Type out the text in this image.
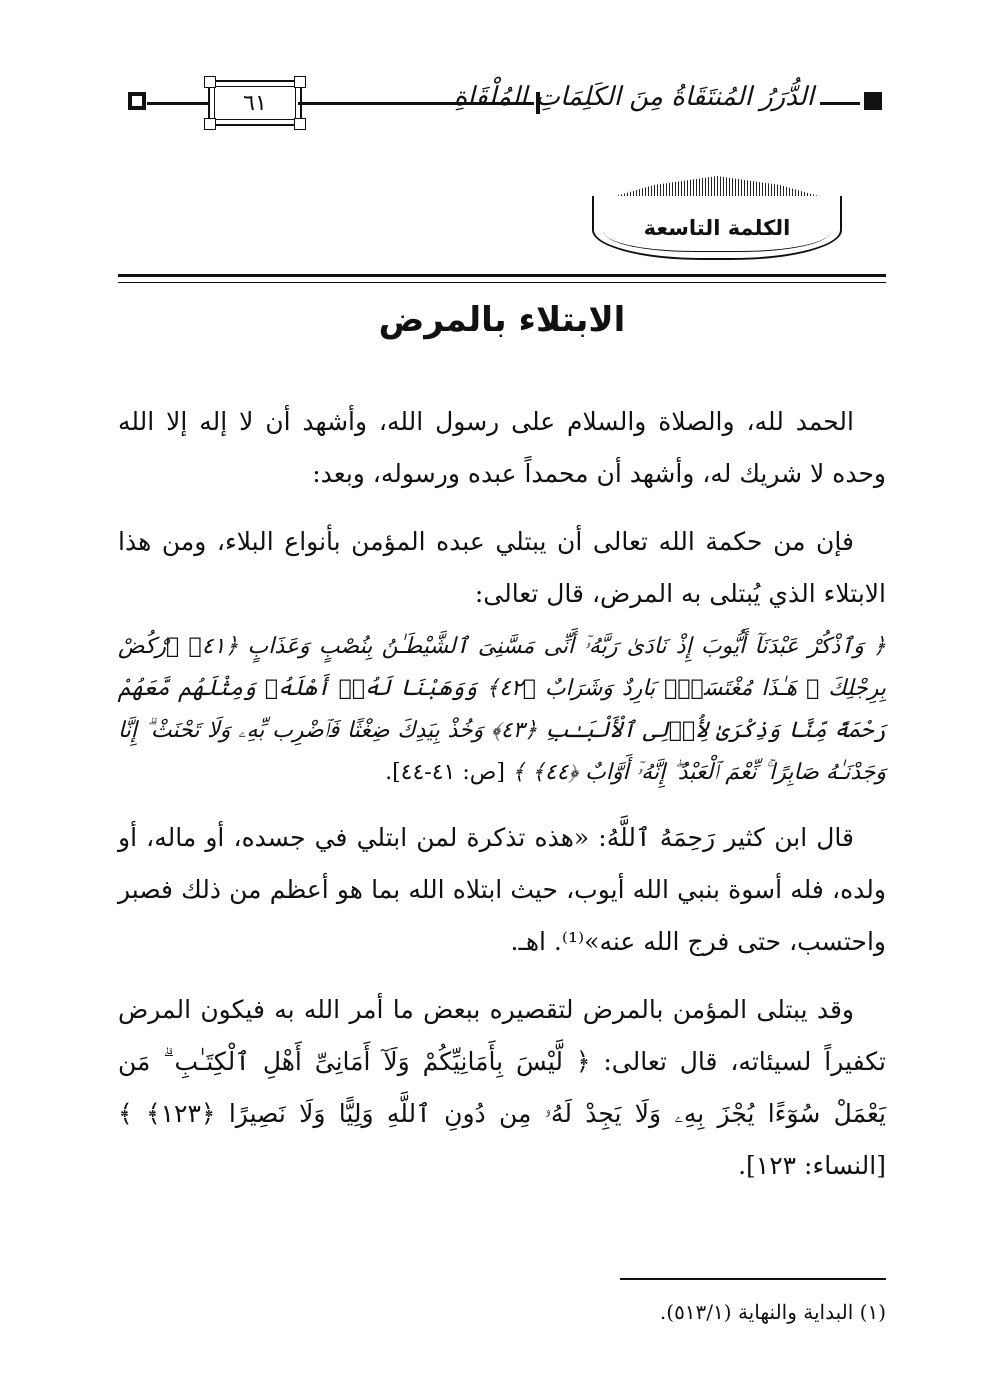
٦١	الدُّرَرُ المُنتَقَاةُ مِنَ الكَلِمَاتِ المُلْقَاةِ
الكلمة التاسعة
الابتلاء بالمرض

الحمد لله، والصلاة والسلام على رسول الله، وأشهد أن لا إله إلا الله وحده لا شريك له، وأشهد أن محمداً عبده ورسوله، وبعد:

فإن من حكمة الله تعالى أن يبتلي عبده المؤمن بأنواع البلاء، ومن هذا الابتلاء الذي يُبتلى به المرض، قال تعالى:

﴿ وَٱذْكُرْ عَبْدَنَآ أَيُّوبَ إِذْ نَادَىٰ رَبَّهُۥٓ أَنِّى مَسَّنِىَ ٱلشَّيْطَـٰنُ بِنُصْبٍ وَعَذَابٍ ﴿٤١﴾ ٱرْكُضْ بِرِجْلِكَ ۖ هَـٰذَا مُغْتَسَلٌۢ بَارِدٌ وَشَرَابٌ ﴿٤٢﴾ وَوَهَبْنَا لَهُۥٓ أَهْلَهُۥ وَمِثْلَهُم مَّعَهُمْ رَحْمَةً مِّنَّا وَذِكْرَىٰ لِأُو۟لِى ٱلْأَلْبَـٰبِ ﴿٤٣﴾ وَخُذْ بِيَدِكَ ضِغْثًا فَٱضْرِب بِّهِۦ وَلَا تَحْنَثْ ۗ إِنَّا وَجَدْنَـٰهُ صَابِرًا ۚ نِّعْمَ ٱلْعَبْدُ ۖ إِنَّهُۥٓ أَوَّابٌ ﴿٤٤﴾ ﴾ [ص: ٤١-٤٤].

قال ابن كثير رَحِمَهُ ٱللَّهُ: «هذه تذكرة لمن ابتلي في جسده، أو ماله، أو ولده، فله أسوة بنبي الله أيوب، حيث ابتلاه الله بما هو أعظم من ذلك فصبر واحتسب، حتى فرج الله عنه»⁽¹⁾. اهـ.

وقد يبتلى المؤمن بالمرض لتقصيره ببعض ما أمر الله به فيكون المرض تكفيراً لسيئاته، قال تعالى: ﴿ لَّيْسَ بِأَمَانِيِّكُمْ وَلَآ أَمَانِىِّ أَهْلِ ٱلْكِتَـٰبِ ۗ مَن يَعْمَلْ سُوٓءًا يُجْزَ بِهِۦ وَلَا يَجِدْ لَهُۥ مِن دُونِ ٱللَّهِ وَلِيًّا وَلَا نَصِيرًا ﴿١٢٣﴾ ﴾ [النساء: ١٢٣].

(١) البداية والنهاية (٥١٣/١).
